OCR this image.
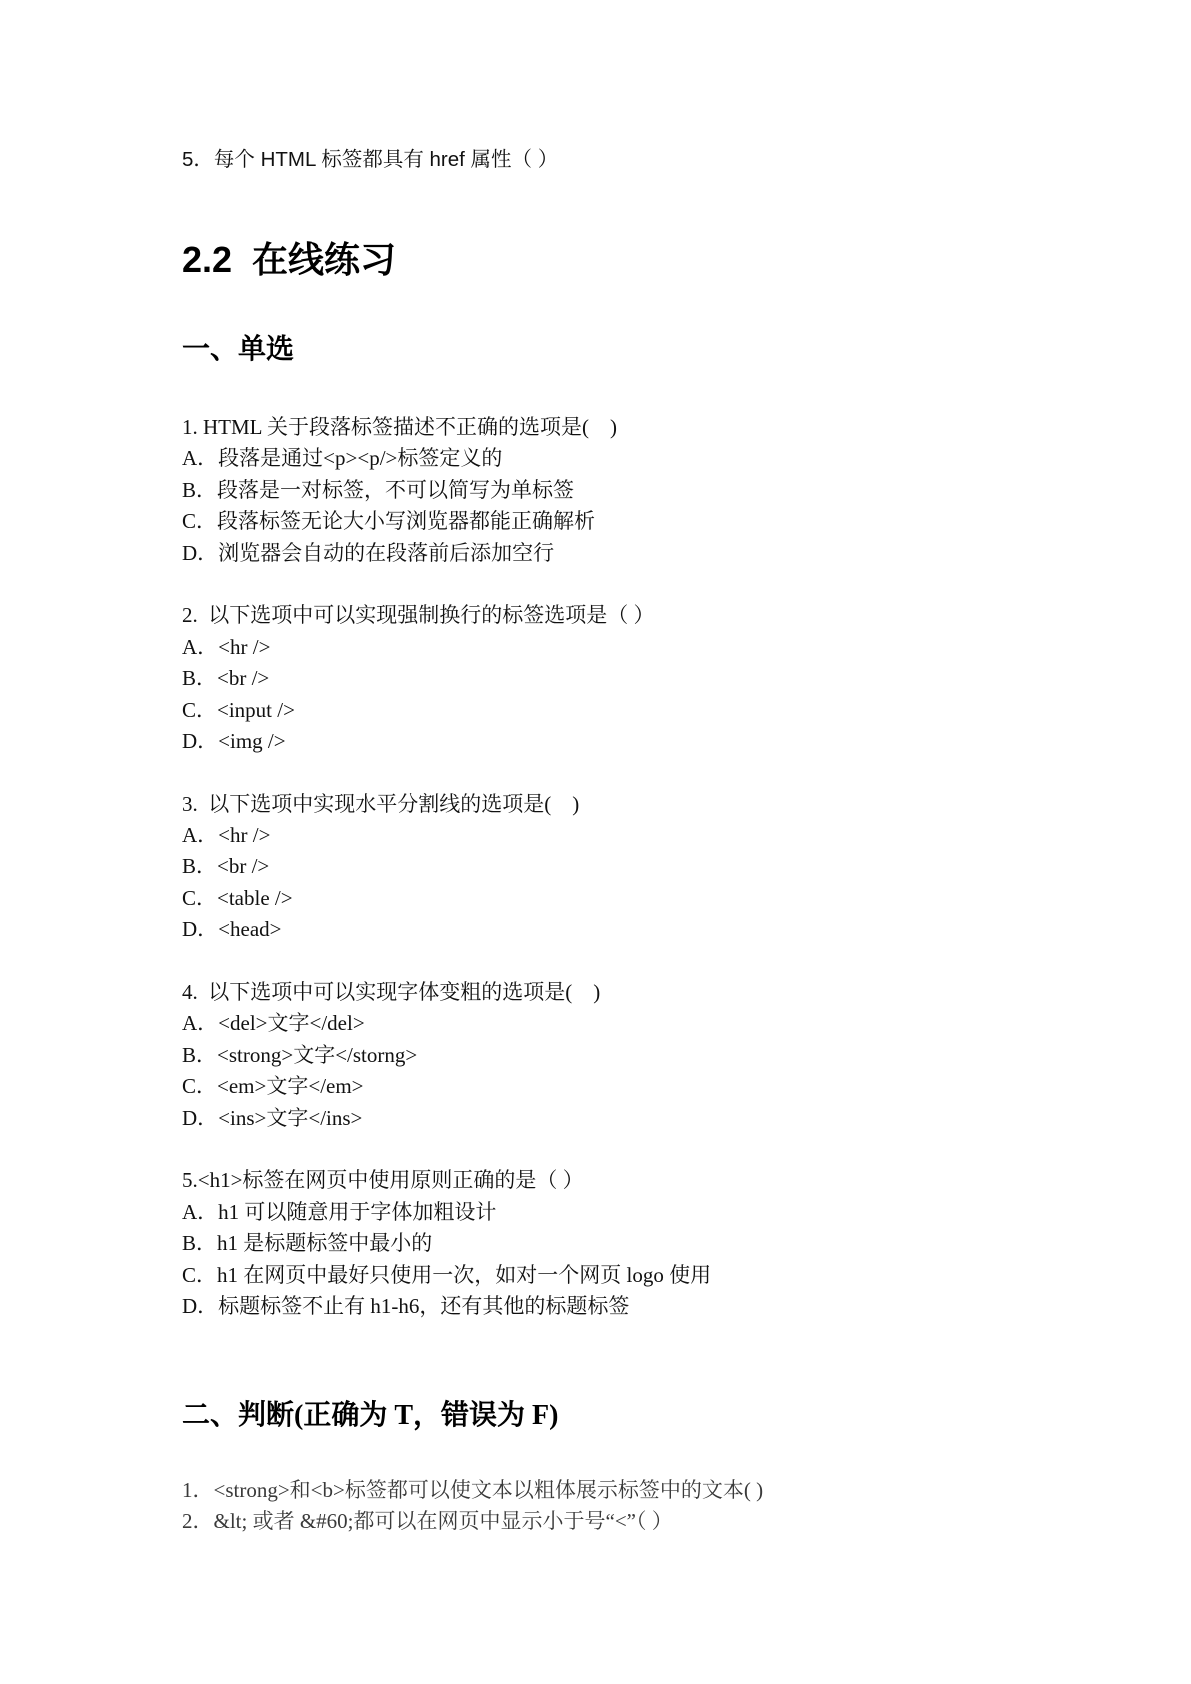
5．每个 HTML 标签都具有 href 属性（ ）
2.2  在线练习
一、单选
1. HTML 关于段落标签描述不正确的选项是(    )
A．段落是通过<p><p/>标签定义的
B．段落是一对标签，不可以简写为单标签
C．段落标签无论大小写浏览器都能正确解析
D．浏览器会自动的在段落前后添加空行
2.  以下选项中可以实现强制换行的标签选项是（ ）
A．<hr />
B．<br />
C．<input />
D．<img />
3.  以下选项中实现水平分割线的选项是(    )
A．<hr />
B．<br />
C．<table />
D．<head>
4.  以下选项中可以实现字体变粗的选项是(    )
A．<del>文字</del>
B．<strong>文字</storng>
C．<em>文字</em>
D．<ins>文字</ins>
5.<h1>标签在网页中使用原则正确的是（ ）
A．h1 可以随意用于字体加粗设计
B．h1 是标题标签中最小的
C．h1 在网页中最好只使用一次，如对一个网页 logo 使用
D．标题标签不止有 h1-h6，还有其他的标题标签
二、判断(正确为 T，错误为 F)
1．<strong>和<b>标签都可以使文本以粗体展示标签中的文本( )
2．&lt; 或者 &#60;都可以在网页中显示小于号“<”（ ）
